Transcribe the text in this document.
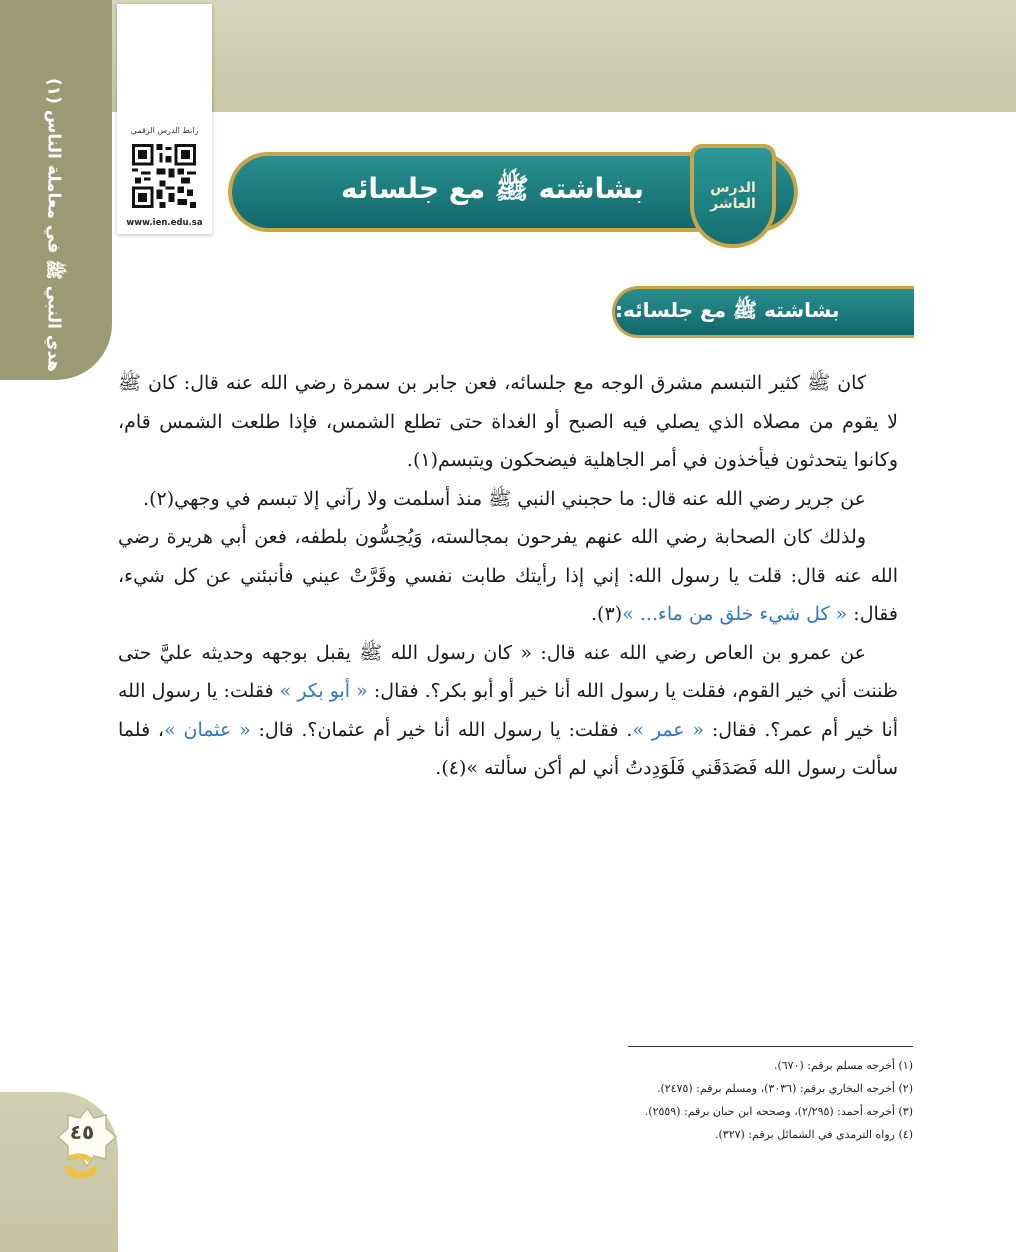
هدي النبي ﷺ في معاملة الناس (١)	رابط الدرس الرقمي
www.ien.edu.sa
بشاشته ﷺ مع جلسائه	الدرس
العاشر
بشاشته ﷺ مع جلسائه:

كان ﷺ كثير التبسم مشرق الوجه مع جلسائه، فعن جابر بن سمرة رضي الله عنه قال: كان ﷺ لا يقوم من مصلاه الذي يصلي فيه الصبح أو الغداة حتى تطلع الشمس، فإذا طلعت الشمس قام، وكانوا يتحدثون فيأخذون في أمر الجاهلية فيضحكون ويتبسم(١).

عن جرير رضي الله عنه قال: ما حجبني النبي ﷺ منذ أسلمت ولا رآني إلا تبسم في وجهي(٢).

ولذلك كان الصحابة رضي الله عنهم يفرحون بمجالسته، وَيُحِسُّون بلطفه، فعن أبي هريرة رضي الله عنه قال: قلت يا رسول الله: إني إذا رأيتك طابت نفسي وقَرَّتْ عيني فأنبئني عن كل شيء، فقال: « كل شيء خلق من ماء... »(٣).

عن عمرو بن العاص رضي الله عنه قال: « كان رسول الله ﷺ يقبل بوجهه وحديثه عليَّ حتى ظننت أني خير القوم، فقلت يا رسول الله أنا خير أو أبو بكر؟. فقال: « أبو بكر » فقلت: يا رسول الله أنا خير أم عمر؟. فقال: « عمر ». فقلت: يا رسول الله أنا خير أم عثمان؟. قال: « عثمان »، فلما سألت رسول الله فَصَدَقَني فَلَوَدِدتُ أني لم أكن سألته »(٤).

(١) أخرجه مسلم برقم: (٦٧٠).
(٢) أخرجه البخاري برقم: (٣٠٣٦)، ومسلم برقم: (٢٤٧٥).
(٣) أخرجه أحمد: (٢/٢٩٥)، وصححه ابن حبان برقم: (٢٥٥٩).
(٤) رواه الترمذي في الشمائل برقم: (٣٢٧).
٤٥
